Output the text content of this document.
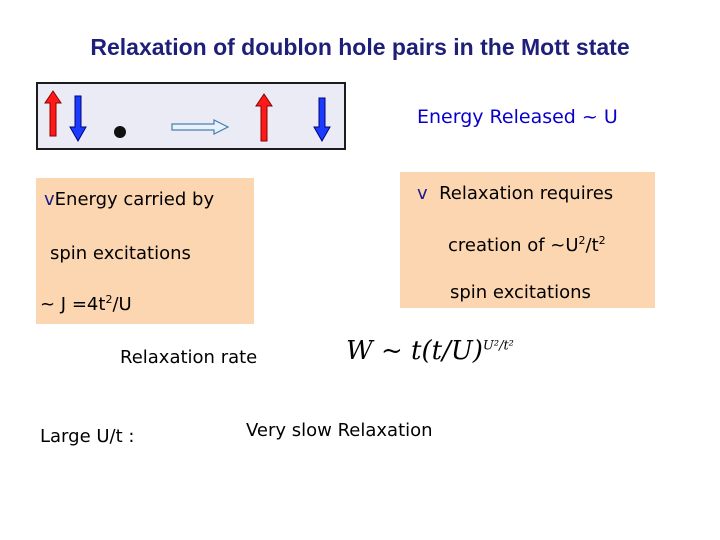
Relaxation of doublon hole pairs in the Mott state
Energy Released ~ U
vEnergy carried by
spin excitations
~ $J =4t^2/U$
v Relaxation requires
creation of $\sim U^2/t^2$
spin excitations
Relaxation rate	W ~ $t(t/U)^{U^2/t^2}$
Large U/t :	Very slow Relaxation
